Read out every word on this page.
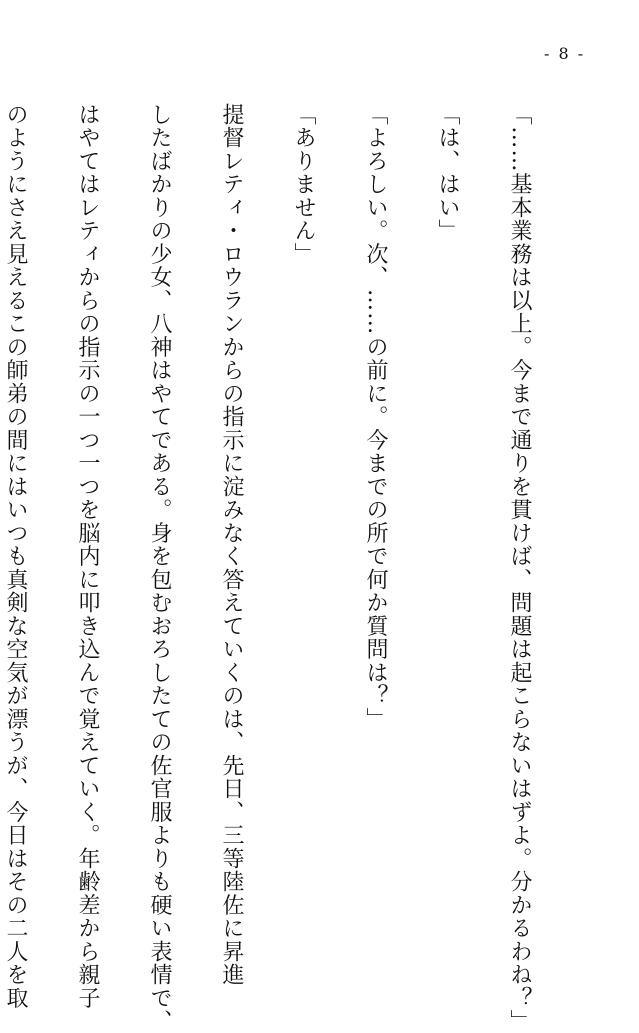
- 8 -

「……基本業務は以上。今まで通りを貫けば、問題は起こらないはずよ。分かるわね？」

「は、はい」

「よろしい。次、……の前に。今までの所で何か質問は？」

「ありません」

提督レティ・ロウランからの指示に淀みなく答えていくのは、先日、三等陸佐に昇進

したばかりの少女、八神はやてである。身を包むおろしたての佐官服よりも硬い表情で、

はやてはレティからの指示の一つ一つを脳内に叩き込んで覚えていく。年齢差から親子

のようにさえ見えるこの師弟の間にはいつも真剣な空気が漂うが、今日はその二人を取
